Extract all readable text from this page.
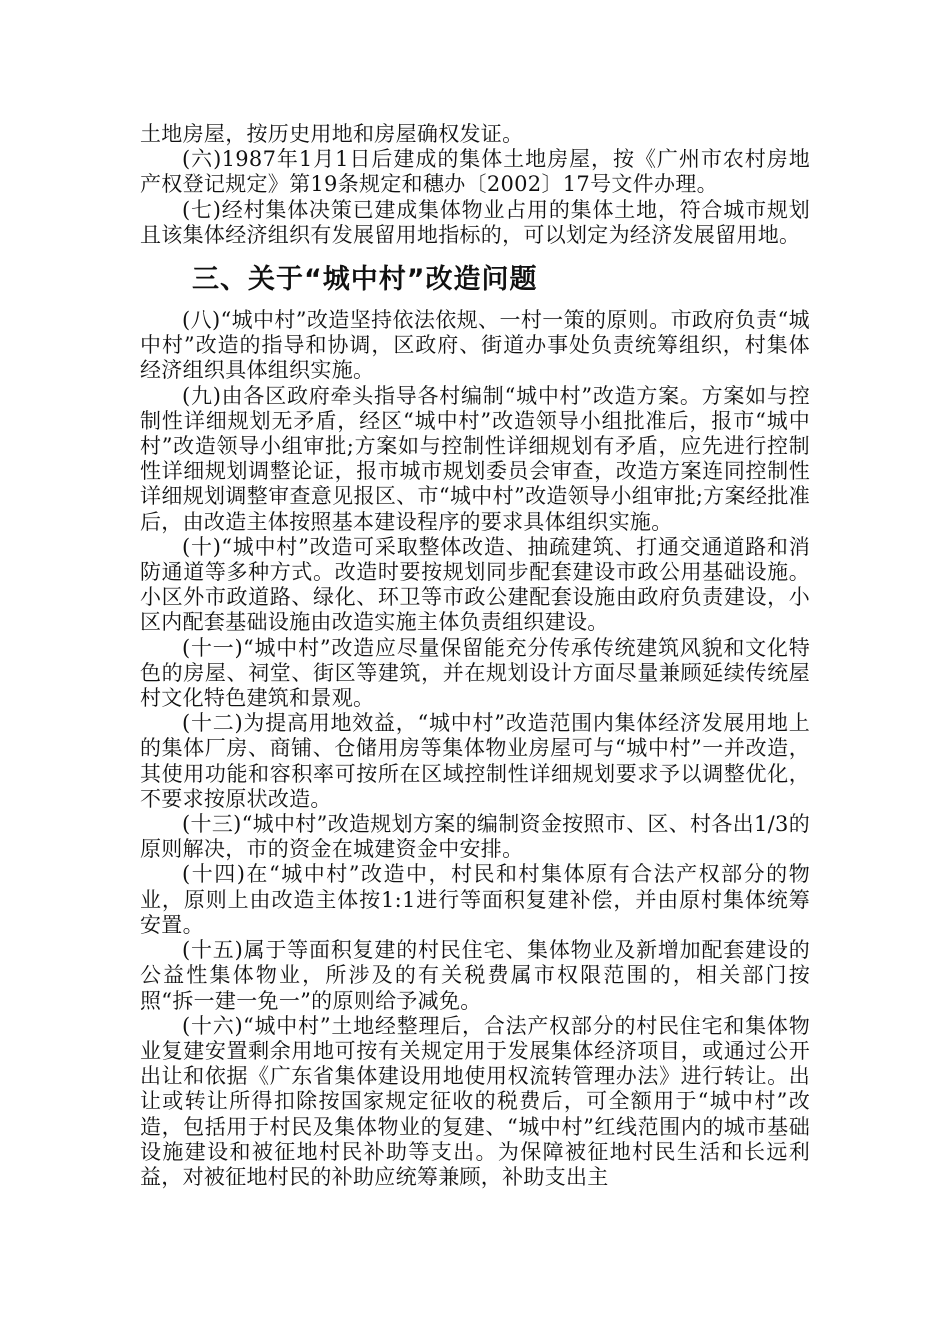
土地房屋，按历史用地和房屋确权发证。

(六)1987年1月1日后建成的集体土地房屋，按《广州市农村房地产权登记规定》第19条规定和穗办〔2002〕17号文件办理。

(七)经村集体决策已建成集体物业占用的集体土地，符合城市规划且该集体经济组织有发展留用地指标的，可以划定为经济发展留用地。

三、关于“城中村”改造问题

(八)“城中村”改造坚持依法依规、一村一策的原则。市政府负责“城中村”改造的指导和协调，区政府、街道办事处负责统筹组织，村集体经济组织具体组织实施。

(九)由各区政府牵头指导各村编制“城中村”改造方案。方案如与控制性详细规划无矛盾，经区“城中村”改造领导小组批准后，报市“城中村”改造领导小组审批;方案如与控制性详细规划有矛盾，应先进行控制性详细规划调整论证，报市城市规划委员会审查，改造方案连同控制性详细规划调整审查意见报区、市“城中村”改造领导小组审批;方案经批准后，由改造主体按照基本建设程序的要求具体组织实施。

(十)“城中村”改造可采取整体改造、抽疏建筑、打通交通道路和消防通道等多种方式。改造时要按规划同步配套建设市政公用基础设施。小区外市政道路、绿化、环卫等市政公建配套设施由政府负责建设，小区内配套基础设施由改造实施主体负责组织建设。

(十一)“城中村”改造应尽量保留能充分传承传统建筑风貌和文化特色的房屋、祠堂、街区等建筑，并在规划设计方面尽量兼顾延续传统屋村文化特色建筑和景观。

(十二)为提高用地效益，“城中村”改造范围内集体经济发展用地上的集体厂房、商铺、仓储用房等集体物业房屋可与“城中村”一并改造，其使用功能和容积率可按所在区域控制性详细规划要求予以调整优化，不要求按原状改造。

(十三)“城中村”改造规划方案的编制资金按照市、区、村各出1/3的原则解决，市的资金在城建资金中安排。

(十四)在“城中村”改造中，村民和村集体原有合法产权部分的物业，原则上由改造主体按1:1进行等面积复建补偿，并由原村集体统筹安置。

(十五)属于等面积复建的村民住宅、集体物业及新增加配套建设的公益性集体物业，所涉及的有关税费属市权限范围的，相关部门按照“拆一建一免一”的原则给予减免。

(十六)“城中村”土地经整理后，合法产权部分的村民住宅和集体物业复建安置剩余用地可按有关规定用于发展集体经济项目，或通过公开出让和依据《广东省集体建设用地使用权流转管理办法》进行转让。出让或转让所得扣除按国家规定征收的税费后，可全额用于“城中村”改造，包括用于村民及集体物业的复建、“城中村”红线范围内的城市基础设施建设和被征地村民补助等支出。为保障被征地村民生活和长远利益，对被征地村民的补助应统筹兼顾，补助支出主
